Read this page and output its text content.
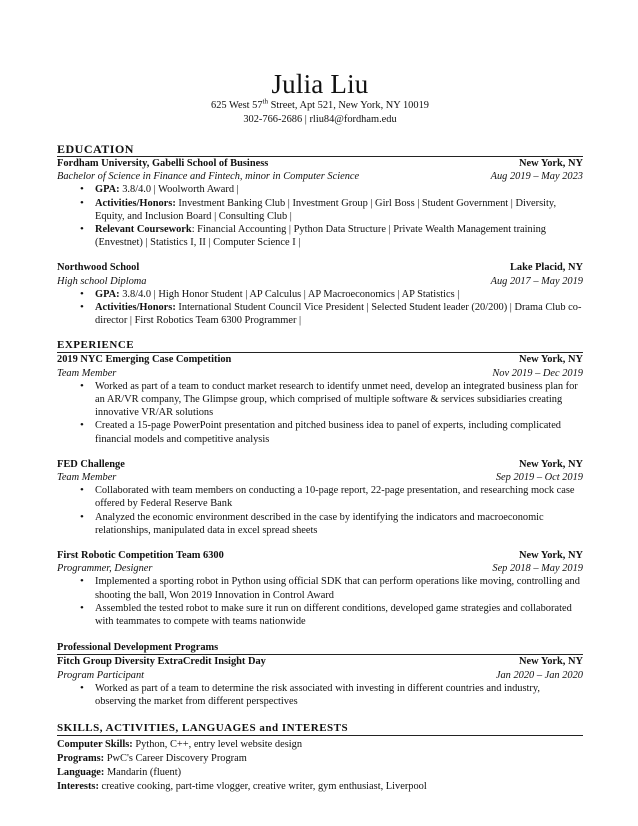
Julia Liu
625 West 57th Street, Apt 521, New York, NY 10019
302-766-2686 | rliu84@fordham.edu
EDUCATION
Fordham University, Gabelli School of Business	New York, NY
Bachelor of Science in Finance and Fintech, minor in Computer Science	Aug 2019 – May 2023
• GPA: 3.8/4.0 | Woolworth Award |
• Activities/Honors: Investment Banking Club | Investment Group | Girl Boss | Student Government | Diversity, Equity, and Inclusion Board | Consulting Club |
• Relevant Coursework: Financial Accounting | Python Data Structure | Private Wealth Management training (Envestnet) | Statistics I, II | Computer Science I |
Northwood School	Lake Placid, NY
High school Diploma	Aug 2017 – May 2019
• GPA: 3.8/4.0 | High Honor Student | AP Calculus | AP Macroeconomics | AP Statistics |
• Activities/Honors: International Student Council Vice President | Selected Student leader (20/200) | Drama Club co-director | First Robotics Team 6300 Programmer |
EXPERIENCE
2019 NYC Emerging Case Competition	New York, NY
Team Member	Nov 2019 – Dec 2019
• Worked as part of a team to conduct market research to identify unmet need, develop an integrated business plan for an AR/VR company, The Glimpse group, which comprised of multiple software & services subsidiaries creating innovative VR/AR solutions
• Created a 15-page PowerPoint presentation and pitched business idea to panel of experts, including complicated financial models and competitive analysis
FED Challenge	New York, NY
Team Member	Sep 2019 – Oct 2019
• Collaborated with team members on conducting a 10-page report, 22-page presentation, and researching mock case offered by Federal Reserve Bank
• Analyzed the economic environment described in the case by identifying the indicators and macroeconomic relationships, manipulated data in excel spread sheets
First Robotic Competition Team 6300	New York, NY
Programmer, Designer	Sep 2018 – May 2019
• Implemented a sporting robot in Python using official SDK that can perform operations like moving, controlling and shooting the ball, Won 2019 Innovation in Control Award
• Assembled the tested robot to make sure it run on different conditions, developed game strategies and collaborated with teammates to compete with teams nationwide
Professional Development Programs
Fitch Group Diversity ExtraCredit Insight Day	New York, NY
Program Participant	Jan 2020 – Jan 2020
• Worked as part of a team to determine the risk associated with investing in different countries and industry, observing the market from different perspectives
SKILLS, ACTIVITIES, LANGUAGES and INTERESTS
Computer Skills: Python, C++, entry level website design
Programs: PwC's Career Discovery Program
Language: Mandarin (fluent)
Interests: creative cooking, part-time vlogger, creative writer, gym enthusiast, Liverpool
